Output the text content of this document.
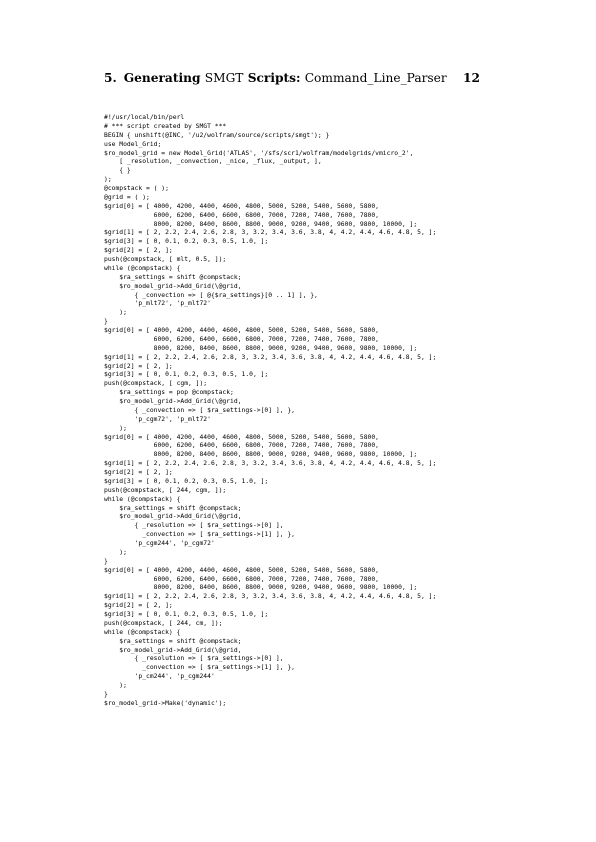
5. Generating SMGT Scripts: Command_Line_Parser 12
#!/usr/local/bin/perl
# *** script created by SMGT ***
BEGIN { unshift(@INC, '/u2/wolfram/source/scripts/smgt'); }
use Model_Grid;
$ro_model_grid = new Model_Grid('ATLAS', '/sfs/scr1/wolfram/modelgrids/vmicro_2',
[ _resolution, _convection, _nice, _flux, _output, ],
{ }
);
@compstack = ( );
@grid = ( );
$grid[0] = [ 4000, 4200, 4400, 4600, 4800, 5000, 5200, 5400, 5600, 5800,
6000, 6200, 6400, 6600, 6800, 7000, 7200, 7400, 7600, 7800,
8000, 8200, 8400, 8600, 8800, 9000, 9200, 9400, 9600, 9800, 10000, ];
$grid[1] = [ 2, 2.2, 2.4, 2.6, 2.8, 3, 3.2, 3.4, 3.6, 3.8, 4, 4.2, 4.4, 4.6, 4.8, 5, ];
$grid[3] = [ 0, 0.1, 0.2, 0.3, 0.5, 1.0, ];
$grid[2] = [ 2, ];
push(@compstack, [ mlt, 0.5, ]);
while (@compstack) {
$ra_settings = shift @compstack;
$ro_model_grid->Add_Grid(\@grid,
{ _convection => [ @{$ra_settings}[0 .. 1] ], },
'p_mlt72', 'p_mlt72'
);
}
$grid[0] = [ 4000, 4200, 4400, 4600, 4800, 5000, 5200, 5400, 5600, 5800,
6000, 6200, 6400, 6600, 6800, 7000, 7200, 7400, 7600, 7800,
8000, 8200, 8400, 8600, 8800, 9000, 9200, 9400, 9600, 9800, 10000, ];
$grid[1] = [ 2, 2.2, 2.4, 2.6, 2.8, 3, 3.2, 3.4, 3.6, 3.8, 4, 4.2, 4.4, 4.6, 4.8, 5, ];
$grid[2] = [ 2, ];
$grid[3] = [ 0, 0.1, 0.2, 0.3, 0.5, 1.0, ];
push(@compstack, [ cgm, ]);
$ra_settings = pop @compstack;
$ro_model_grid->Add_Grid(\@grid,
{ _convection => [ $ra_settings->[0] ], },
'p_cgm72', 'p_mlt72'
);
$grid[0] = [ 4000, 4200, 4400, 4600, 4800, 5000, 5200, 5400, 5600, 5800,
6000, 6200, 6400, 6600, 6800, 7000, 7200, 7400, 7600, 7800,
8000, 8200, 8400, 8600, 8800, 9000, 9200, 9400, 9600, 9800, 10000, ];
$grid[1] = [ 2, 2.2, 2.4, 2.6, 2.8, 3, 3.2, 3.4, 3.6, 3.8, 4, 4.2, 4.4, 4.6, 4.8, 5, ];
$grid[2] = [ 2, ];
$grid[3] = [ 0, 0.1, 0.2, 0.3, 0.5, 1.0, ];
push(@compstack, [ 244, cgm, ]);
while (@compstack) {
$ra_settings = shift @compstack;
$ro_model_grid->Add_Grid(\@grid,
{ _resolution => [ $ra_settings->[0] ],
_convection => [ $ra_settings->[1] ], },
'p_cgm244', 'p_cgm72'
);
}
$grid[0] = [ 4000, 4200, 4400, 4600, 4800, 5000, 5200, 5400, 5600, 5800,
6000, 6200, 6400, 6600, 6800, 7000, 7200, 7400, 7600, 7800,
8000, 8200, 8400, 8600, 8800, 9000, 9200, 9400, 9600, 9800, 10000, ];
$grid[1] = [ 2, 2.2, 2.4, 2.6, 2.8, 3, 3.2, 3.4, 3.6, 3.8, 4, 4.2, 4.4, 4.6, 4.8, 5, ];
$grid[2] = [ 2, ];
$grid[3] = [ 0, 0.1, 0.2, 0.3, 0.5, 1.0, ];
push(@compstack, [ 244, cm, ]);
while (@compstack) {
$ra_settings = shift @compstack;
$ro_model_grid->Add_Grid(\@grid,
{ _resolution => [ $ra_settings->[0] ],
_convection => [ $ra_settings->[1] ], },
'p_cm244', 'p_cgm244'
);
}
$ro_model_grid->Make('dynamic');
